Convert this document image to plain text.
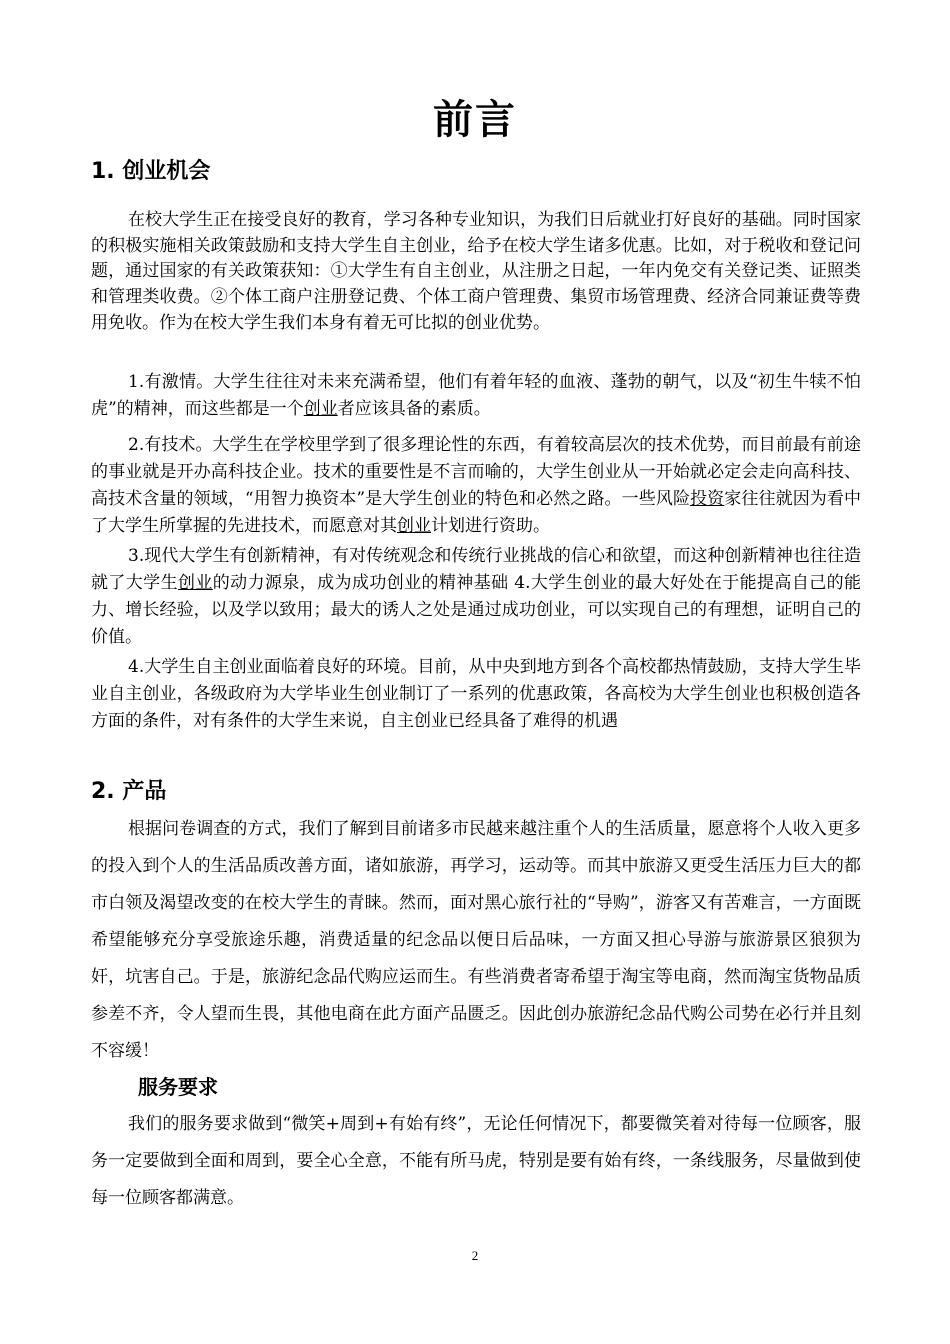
前言
1. 创业机会

在校大学生正在接受良好的教育，学习各种专业知识，为我们日后就业打好良好的基础。同时国家的积极实施相关政策鼓励和支持大学生自主创业，给予在校大学生诸多优惠。比如，对于税收和登记问题，通过国家的有关政策获知：①大学生有自主创业，从注册之日起，一年内免交有关登记类、证照类和管理类收费。②个体工商户注册登记费、个体工商户管理费、集贸市场管理费、经济合同兼证费等费用免收。作为在校大学生我们本身有着无可比拟的创业优势。

1.有激情。大学生往往对未来充满希望，他们有着年轻的血液、蓬勃的朝气，以及“初生牛犊不怕虎”的精神，而这些都是一个创业者应该具备的素质。

2.有技术。大学生在学校里学到了很多理论性的东西，有着较高层次的技术优势，而目前最有前途的事业就是开办高科技企业。技术的重要性是不言而喻的，大学生创业从一开始就必定会走向高科技、高技术含量的领域，“用智力换资本”是大学生创业的特色和必然之路。一些风险投资家往往就因为看中了大学生所掌握的先进技术，而愿意对其创业计划进行资助。

3.现代大学生有创新精神，有对传统观念和传统行业挑战的信心和欲望，而这种创新精神也往往造就了大学生创业的动力源泉，成为成功创业的精神基础 4.大学生创业的最大好处在于能提高自己的能力、增长经验，以及学以致用；最大的诱人之处是通过成功创业，可以实现自己的有理想，证明自己的价值。

4.大学生自主创业面临着良好的环境。目前，从中央到地方到各个高校都热情鼓励，支持大学生毕业自主创业，各级政府为大学毕业生创业制订了一系列的优惠政策，各高校为大学生创业也积极创造各方面的条件，对有条件的大学生来说，自主创业已经具备了难得的机遇

2. 产品

根据问卷调查的方式，我们了解到目前诸多市民越来越注重个人的生活质量，愿意将个人收入更多的投入到个人的生活品质改善方面，诸如旅游，再学习，运动等。而其中旅游又更受生活压力巨大的都市白领及渴望改变的在校大学生的青睐。然而，面对黑心旅行社的“导购”，游客又有苦难言，一方面既希望能够充分享受旅途乐趣，消费适量的纪念品以便日后品味，一方面又担心导游与旅游景区狼狈为奸，坑害自己。于是，旅游纪念品代购应运而生。有些消费者寄希望于淘宝等电商，然而淘宝货物品质参差不齐，令人望而生畏，其他电商在此方面产品匮乏。因此创办旅游纪念品代购公司势在必行并且刻不容缓！

服务要求

我们的服务要求做到“微笑+周到+有始有终”，无论任何情况下，都要微笑着对待每一位顾客，服务一定要做到全面和周到，要全心全意，不能有所马虎，特别是要有始有终，一条线服务，尽量做到使每一位顾客都满意。

2
